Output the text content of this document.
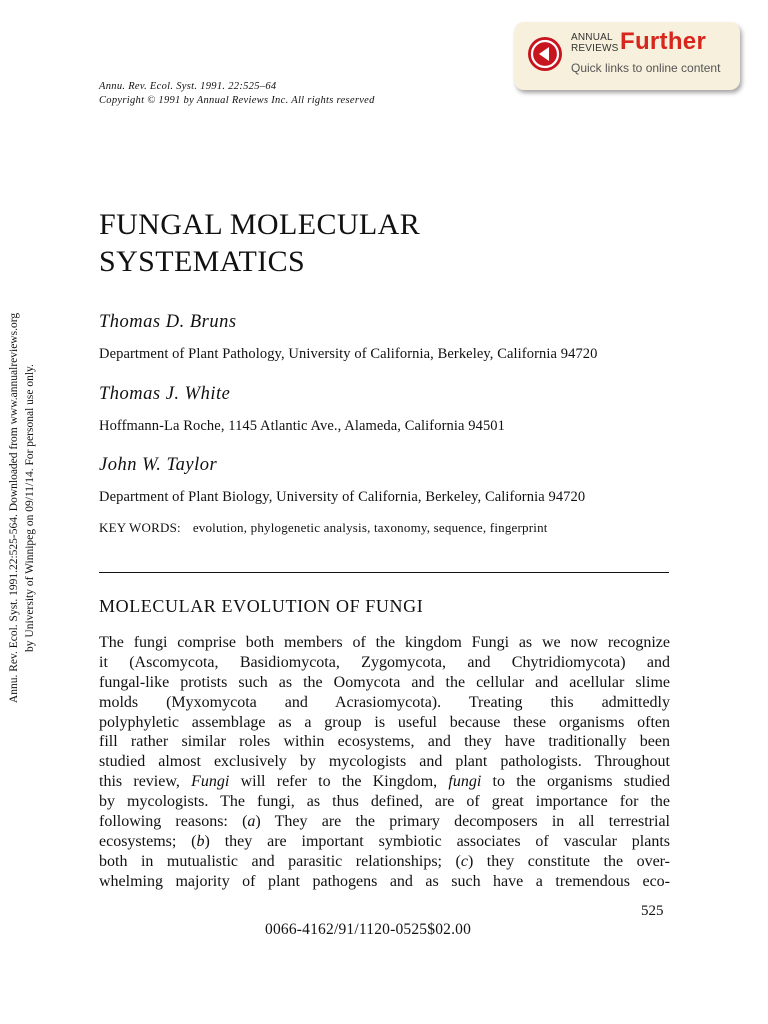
ANNUAL
REVIEWS Further
Quick links to online content
Annu. Rev. Ecol. Syst. 1991. 22:525–64
Copyright © 1991 by Annual Reviews Inc. All rights reserved
Annu. Rev. Ecol. Syst. 1991.22:525-564. Downloaded from www.annualreviews.org by University of Winnipeg on 09/11/14. For personal use only.
FUNGAL MOLECULAR
SYSTEMATICS
Thomas D. Bruns
Department of Plant Pathology, University of California, Berkeley, California 94720
Thomas J. White
Hoffmann-La Roche, 1145 Atlantic Ave., Alameda, California 94501
John W. Taylor
Department of Plant Biology, University of California, Berkeley, California 94720
KEY WORDS: evolution, phylogenetic analysis, taxonomy, sequence, fingerprint
MOLECULAR EVOLUTION OF FUNGI
The fungi comprise both members of the kingdom Fungi as we now recognize
it (Ascomycota, Basidiomycota, Zygomycota, and Chytridiomycota) and
fungal-like protists such as the Oomycota and the cellular and acellular slime
molds (Myxomycota and Acrasiomycota). Treating this admittedly
polyphyletic assemblage as a group is useful because these organisms often
fill rather similar roles within ecosystems, and they have traditionally been
studied almost exclusively by mycologists and plant pathologists. Throughout
this review, Fungi will refer to the Kingdom, fungi to the organisms studied
by mycologists. The fungi, as thus defined, are of great importance for the
following reasons: (a) They are the primary decomposers in all terrestrial
ecosystems; (b) they are important symbiotic associates of vascular plants
both in mutualistic and parasitic relationships; (c) they constitute the over-
whelming majority of plant pathogens and as such have a tremendous eco-
525
0066-4162/91/1120-0525$02.00
